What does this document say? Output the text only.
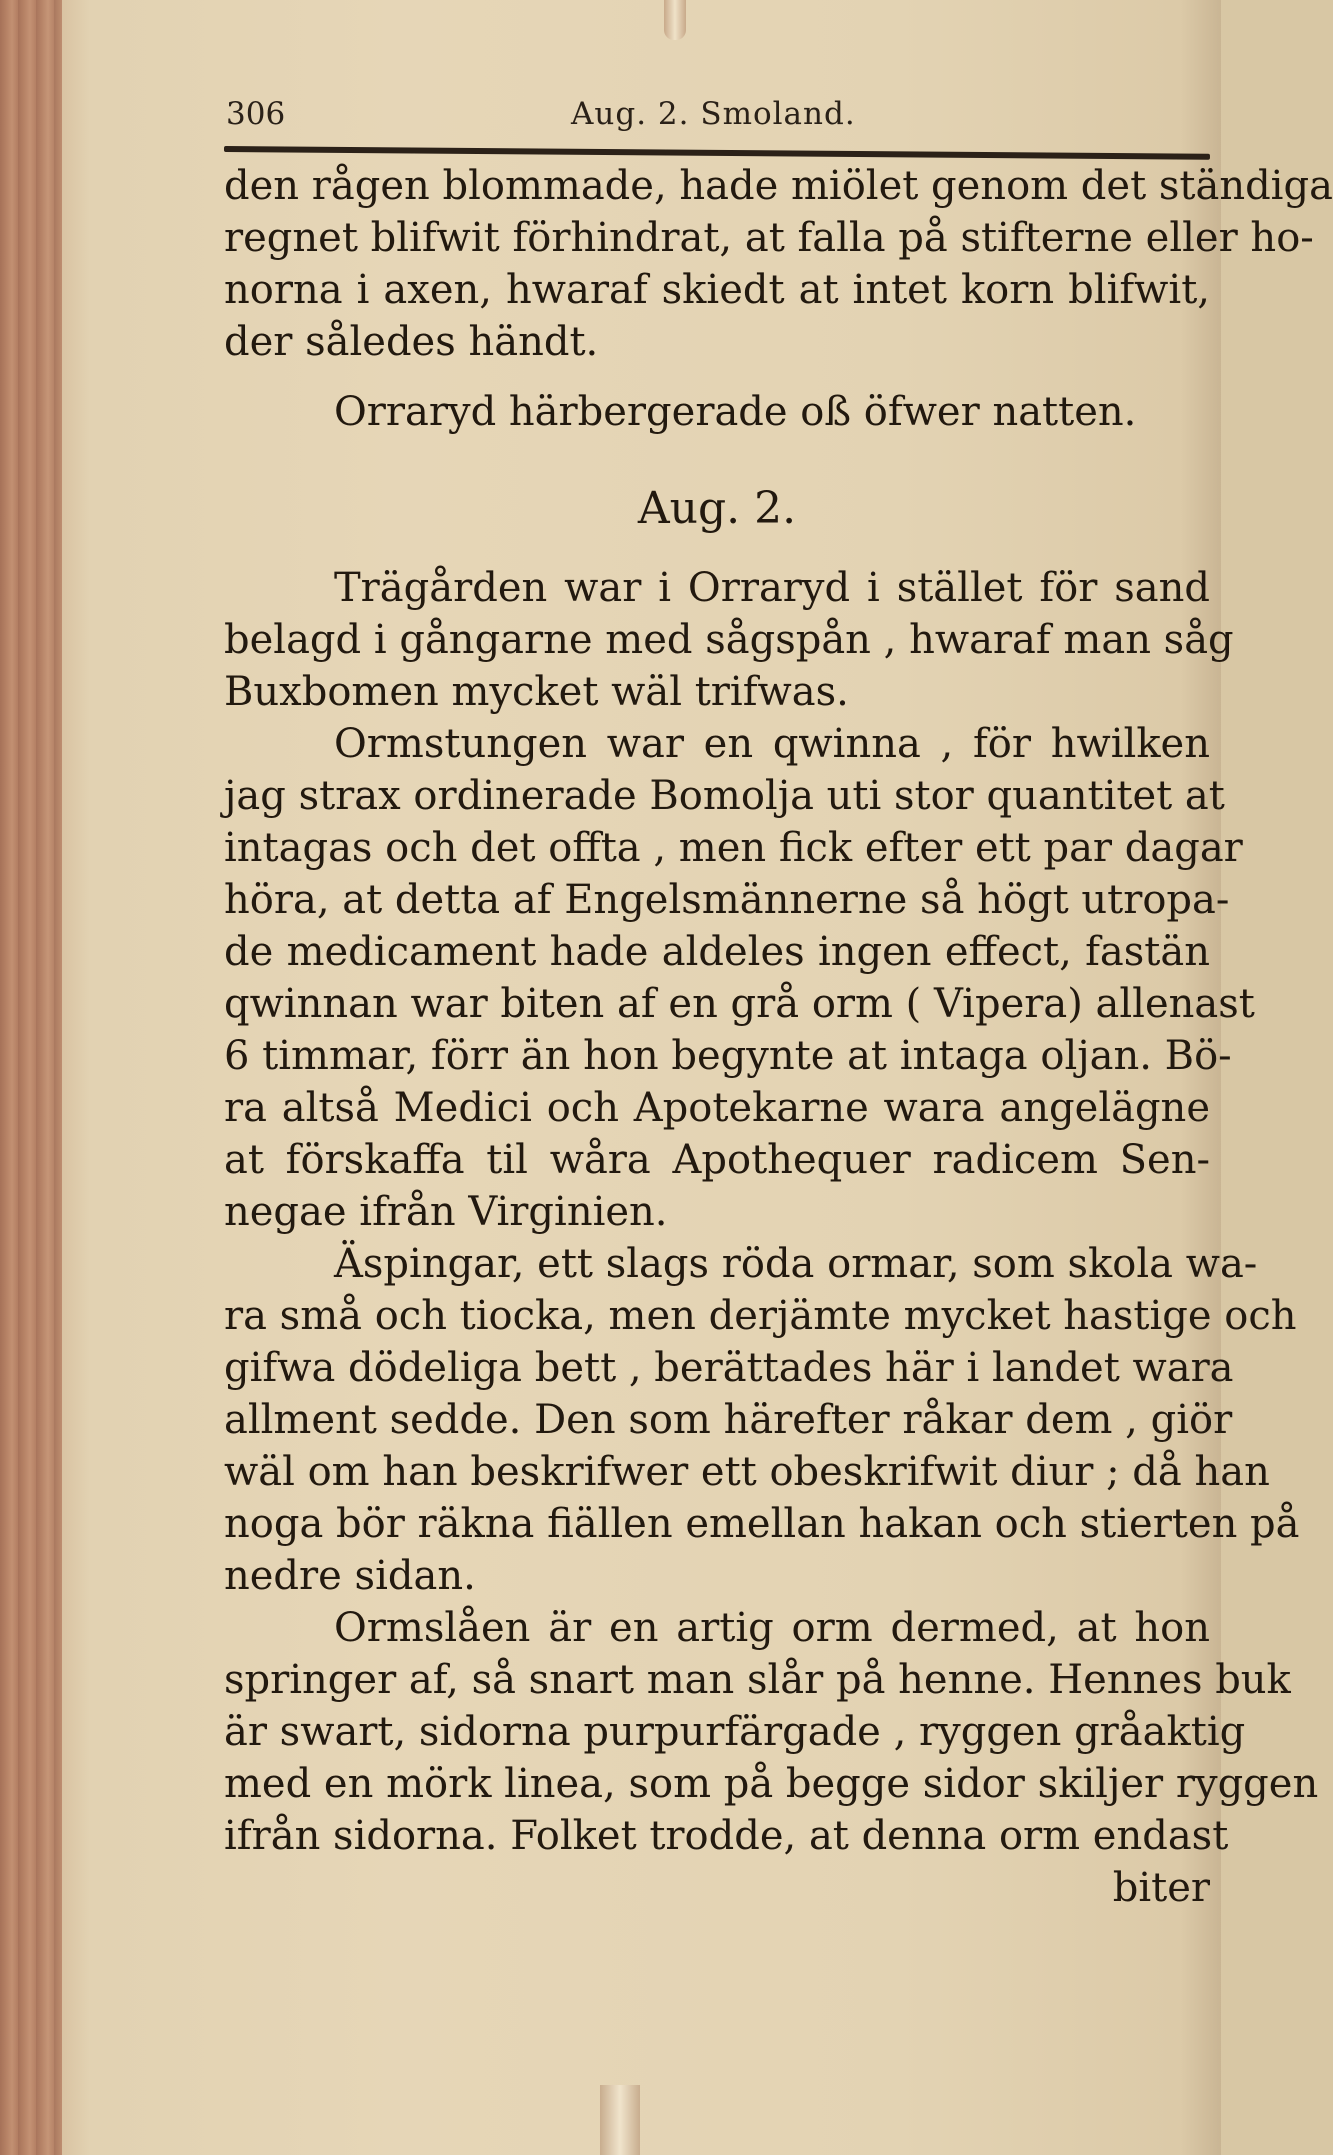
306	Aug. 2. Smoland.
den rågen blommade, hade miölet genom det ständiga
regnet blifwit förhindrat, at falla på stifterne eller ho-
norna i axen, hwaraf skiedt at intet korn blifwit,
der således händt.
Orraryd härbergerade oß öfwer natten.
Aug. 2.
Trägården war i Orraryd i stället för sand
belagd i gångarne med sågspån , hwaraf man såg
Buxbomen mycket wäl trifwas.
Ormstungen war en qwinna , för hwilken
jag strax ordinerade Bomolja uti stor quantitet at
intagas och det offta , men fick efter ett par dagar
höra, at detta af Engelsmännerne så högt utropa-
de medicament hade aldeles ingen effect, fastän
qwinnan war biten af en grå orm ( Vipera) allenast
6 timmar, förr än hon begynte at intaga oljan. Bö-
ra altså Medici och Apotekarne wara angelägne
at förskaffa til wåra Apothequer radicem Sen-
negae ifrån Virginien.
Äspingar, ett slags röda ormar, som skola wa-
ra små och tiocka, men derjämte mycket hastige och
gifwa dödeliga bett , berättades här i landet wara
allment sedde. Den som härefter råkar dem , giör
wäl om han beskrifwer ett obeskrifwit diur ; då han
noga bör räkna fiällen emellan hakan och stierten på
nedre sidan.
Ormslåen är en artig orm dermed, at hon
springer af, så snart man slår på henne. Hennes buk
är swart, sidorna purpurfärgade , ryggen gråaktig
med en mörk linea, som på begge sidor skiljer ryggen
ifrån sidorna. Folket trodde, at denna orm endast
biter
